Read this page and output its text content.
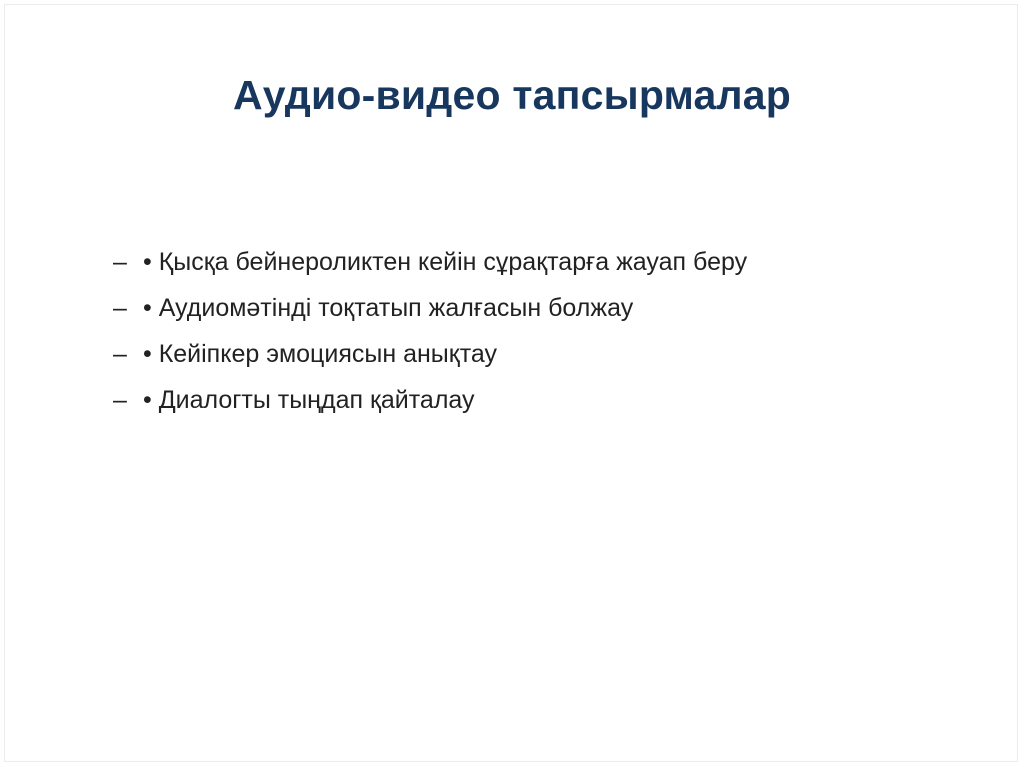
Аудио-видео тапсырмалар
– • Қысқа бейнероликтен кейін сұрақтарға жауап беру
– • Аудиомәтінді тоқтатып жалғасын болжау
– • Кейіпкер эмоциясын анықтау
– • Диалогты тыңдап қайталау
